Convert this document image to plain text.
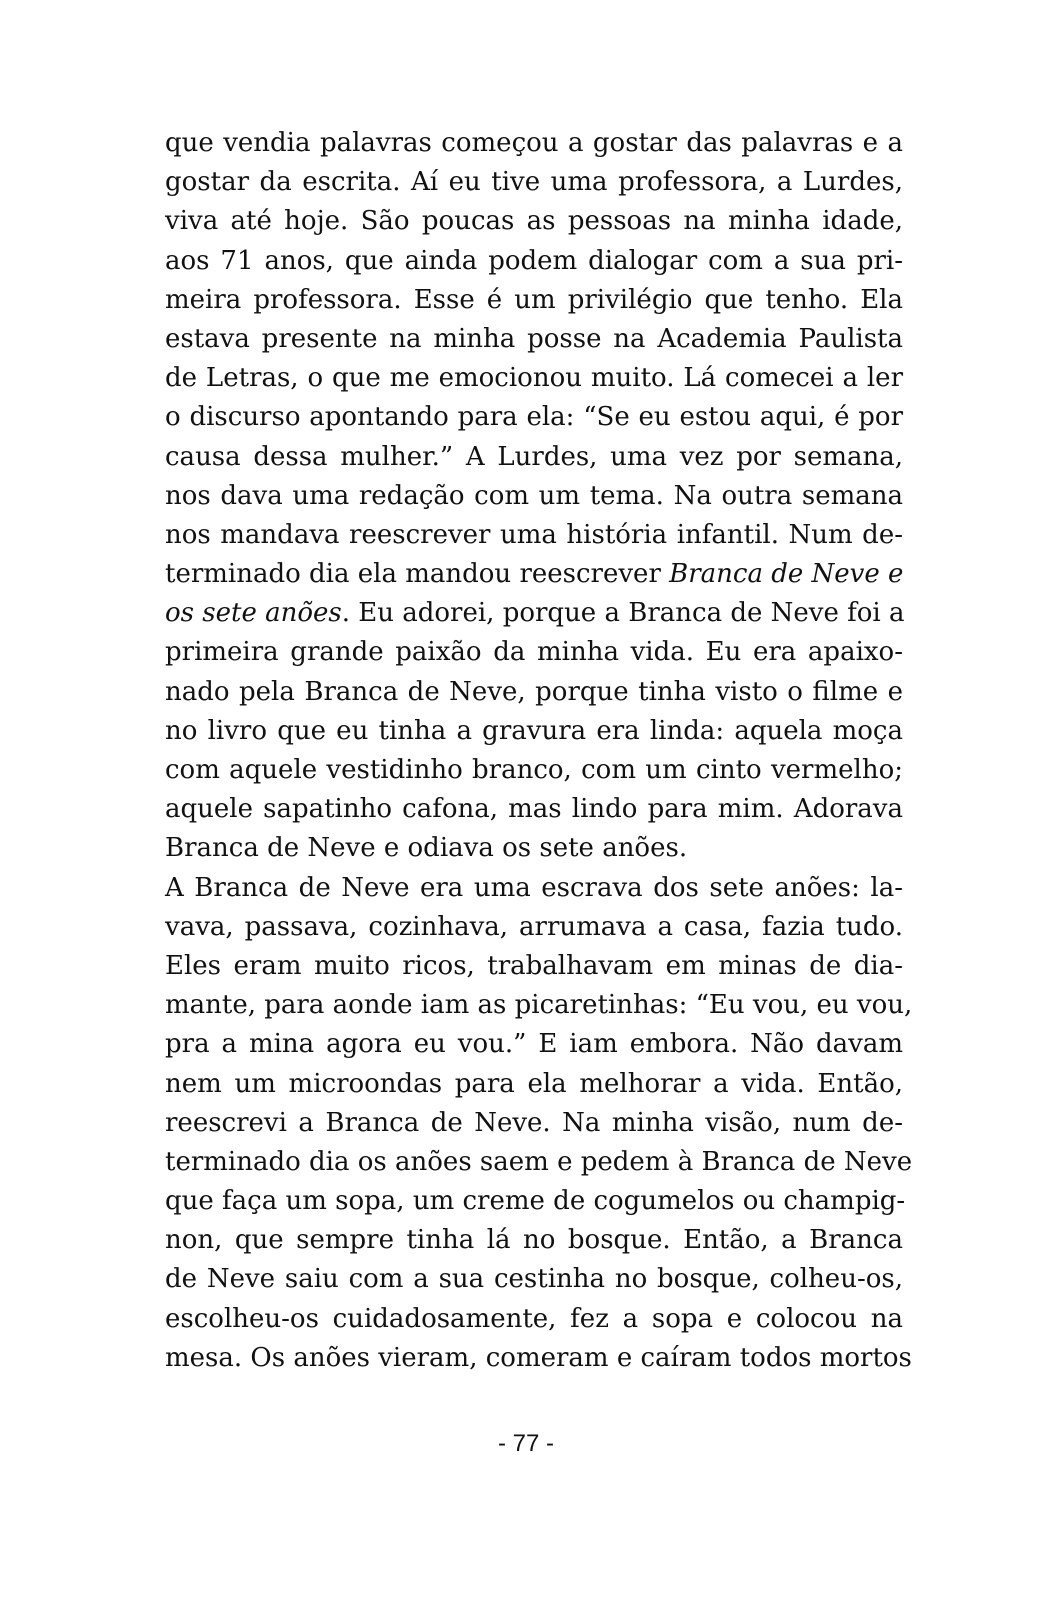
que vendia palavras começou a gostar das palavras e a
gostar da escrita. Aí eu tive uma professora, a Lurdes,
viva até hoje. São poucas as pessoas na minha idade,
aos 71 anos, que ainda podem dialogar com a sua pri-
meira professora. Esse é um privilégio que tenho. Ela
estava presente na minha posse na Academia Paulista
de Letras, o que me emocionou muito. Lá comecei a ler
o discurso apontando para ela: “Se eu estou aqui, é por
causa dessa mulher.” A Lurdes, uma vez por semana,
nos dava uma redação com um tema. Na outra semana
nos mandava reescrever uma história infantil. Num de-
terminado dia ela mandou reescrever Branca de Neve e
os sete anões. Eu adorei, porque a Branca de Neve foi a
primeira grande paixão da minha vida. Eu era apaixo-
nado pela Branca de Neve, porque tinha visto o filme e
no livro que eu tinha a gravura era linda: aquela moça
com aquele vestidinho branco, com um cinto vermelho;
aquele sapatinho cafona, mas lindo para mim. Adorava
Branca de Neve e odiava os sete anões.
A Branca de Neve era uma escrava dos sete anões: la-
vava, passava, cozinhava, arrumava a casa, fazia tudo.
Eles eram muito ricos, trabalhavam em minas de dia-
mante, para aonde iam as picaretinhas: “Eu vou, eu vou,
pra a mina agora eu vou.” E iam embora. Não davam
nem um microondas para ela melhorar a vida. Então,
reescrevi a Branca de Neve. Na minha visão, num de-
terminado dia os anões saem e pedem à Branca de Neve
que faça um sopa, um creme de cogumelos ou champig-
non, que sempre tinha lá no bosque. Então, a Branca
de Neve saiu com a sua cestinha no bosque, colheu-os,
escolheu-os cuidadosamente, fez a sopa e colocou na
mesa. Os anões vieram, comeram e caíram todos mortos
- 77 -
